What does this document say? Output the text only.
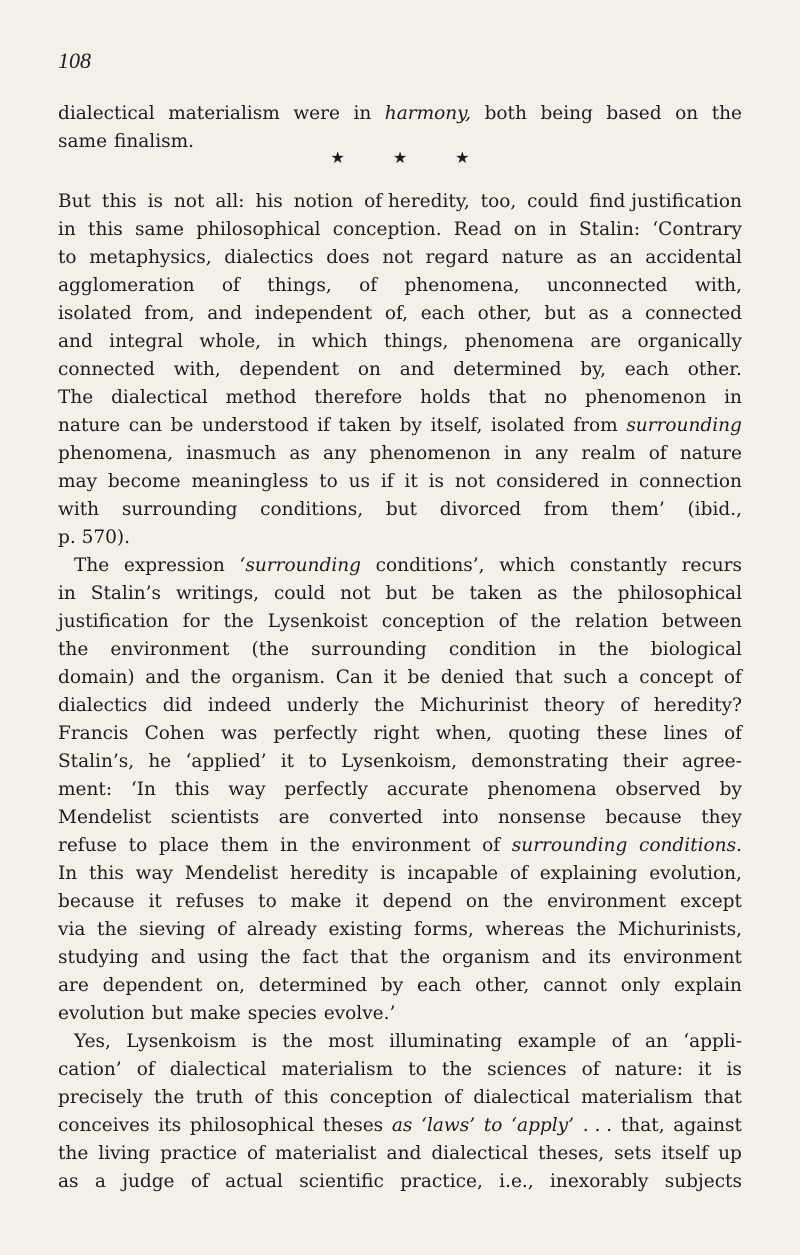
108

dialectical materialism were in harmony, both being based on the
same finalism.
★	★	★
But this is not all: his notion of heredity, too, could find justification
in this same philosophical conception. Read on in Stalin: ‘Contrary
to metaphysics, dialectics does not regard nature as an accidental
agglomeration of things, of phenomena, unconnected with,
isolated from, and independent of, each other, but as a connected
and integral whole, in which things, phenomena are organically
connected with, dependent on and determined by, each other.
The dialectical method therefore holds that no phenomenon in
nature can be understood if taken by itself, isolated from surrounding
phenomena, inasmuch as any phenomenon in any realm of nature
may become meaningless to us if it is not considered in connection
with surrounding conditions, but divorced from them’ (ibid.,
p. 570).
The expression ‘surrounding conditions’, which constantly recurs
in Stalin’s writings, could not but be taken as the philosophical
justification for the Lysenkoist conception of the relation between
the environment (the surrounding condition in the biological
domain) and the organism. Can it be denied that such a concept of
dialectics did indeed underly the Michurinist theory of heredity?
Francis Cohen was perfectly right when, quoting these lines of
Stalin’s, he ‘applied’ it to Lysenkoism, demonstrating their agree-
ment: ‘In this way perfectly accurate phenomena observed by
Mendelist scientists are converted into nonsense because they
refuse to place them in the environment of surrounding conditions.
In this way Mendelist heredity is incapable of explaining evolution,
because it refuses to make it depend on the environment except
via the sieving of already existing forms, whereas the Michurinists,
studying and using the fact that the organism and its environment
are dependent on, determined by each other, cannot only explain
evolution but make species evolve.’
Yes, Lysenkoism is the most illuminating example of an ‘appli-
cation’ of dialectical materialism to the sciences of nature: it is
precisely the truth of this conception of dialectical materialism that
conceives its philosophical theses as ‘laws’ to ‘apply’ . . . that, against
the living practice of materialist and dialectical theses, sets itself up
as a judge of actual scientific practice, i.e., inexorably subjects
